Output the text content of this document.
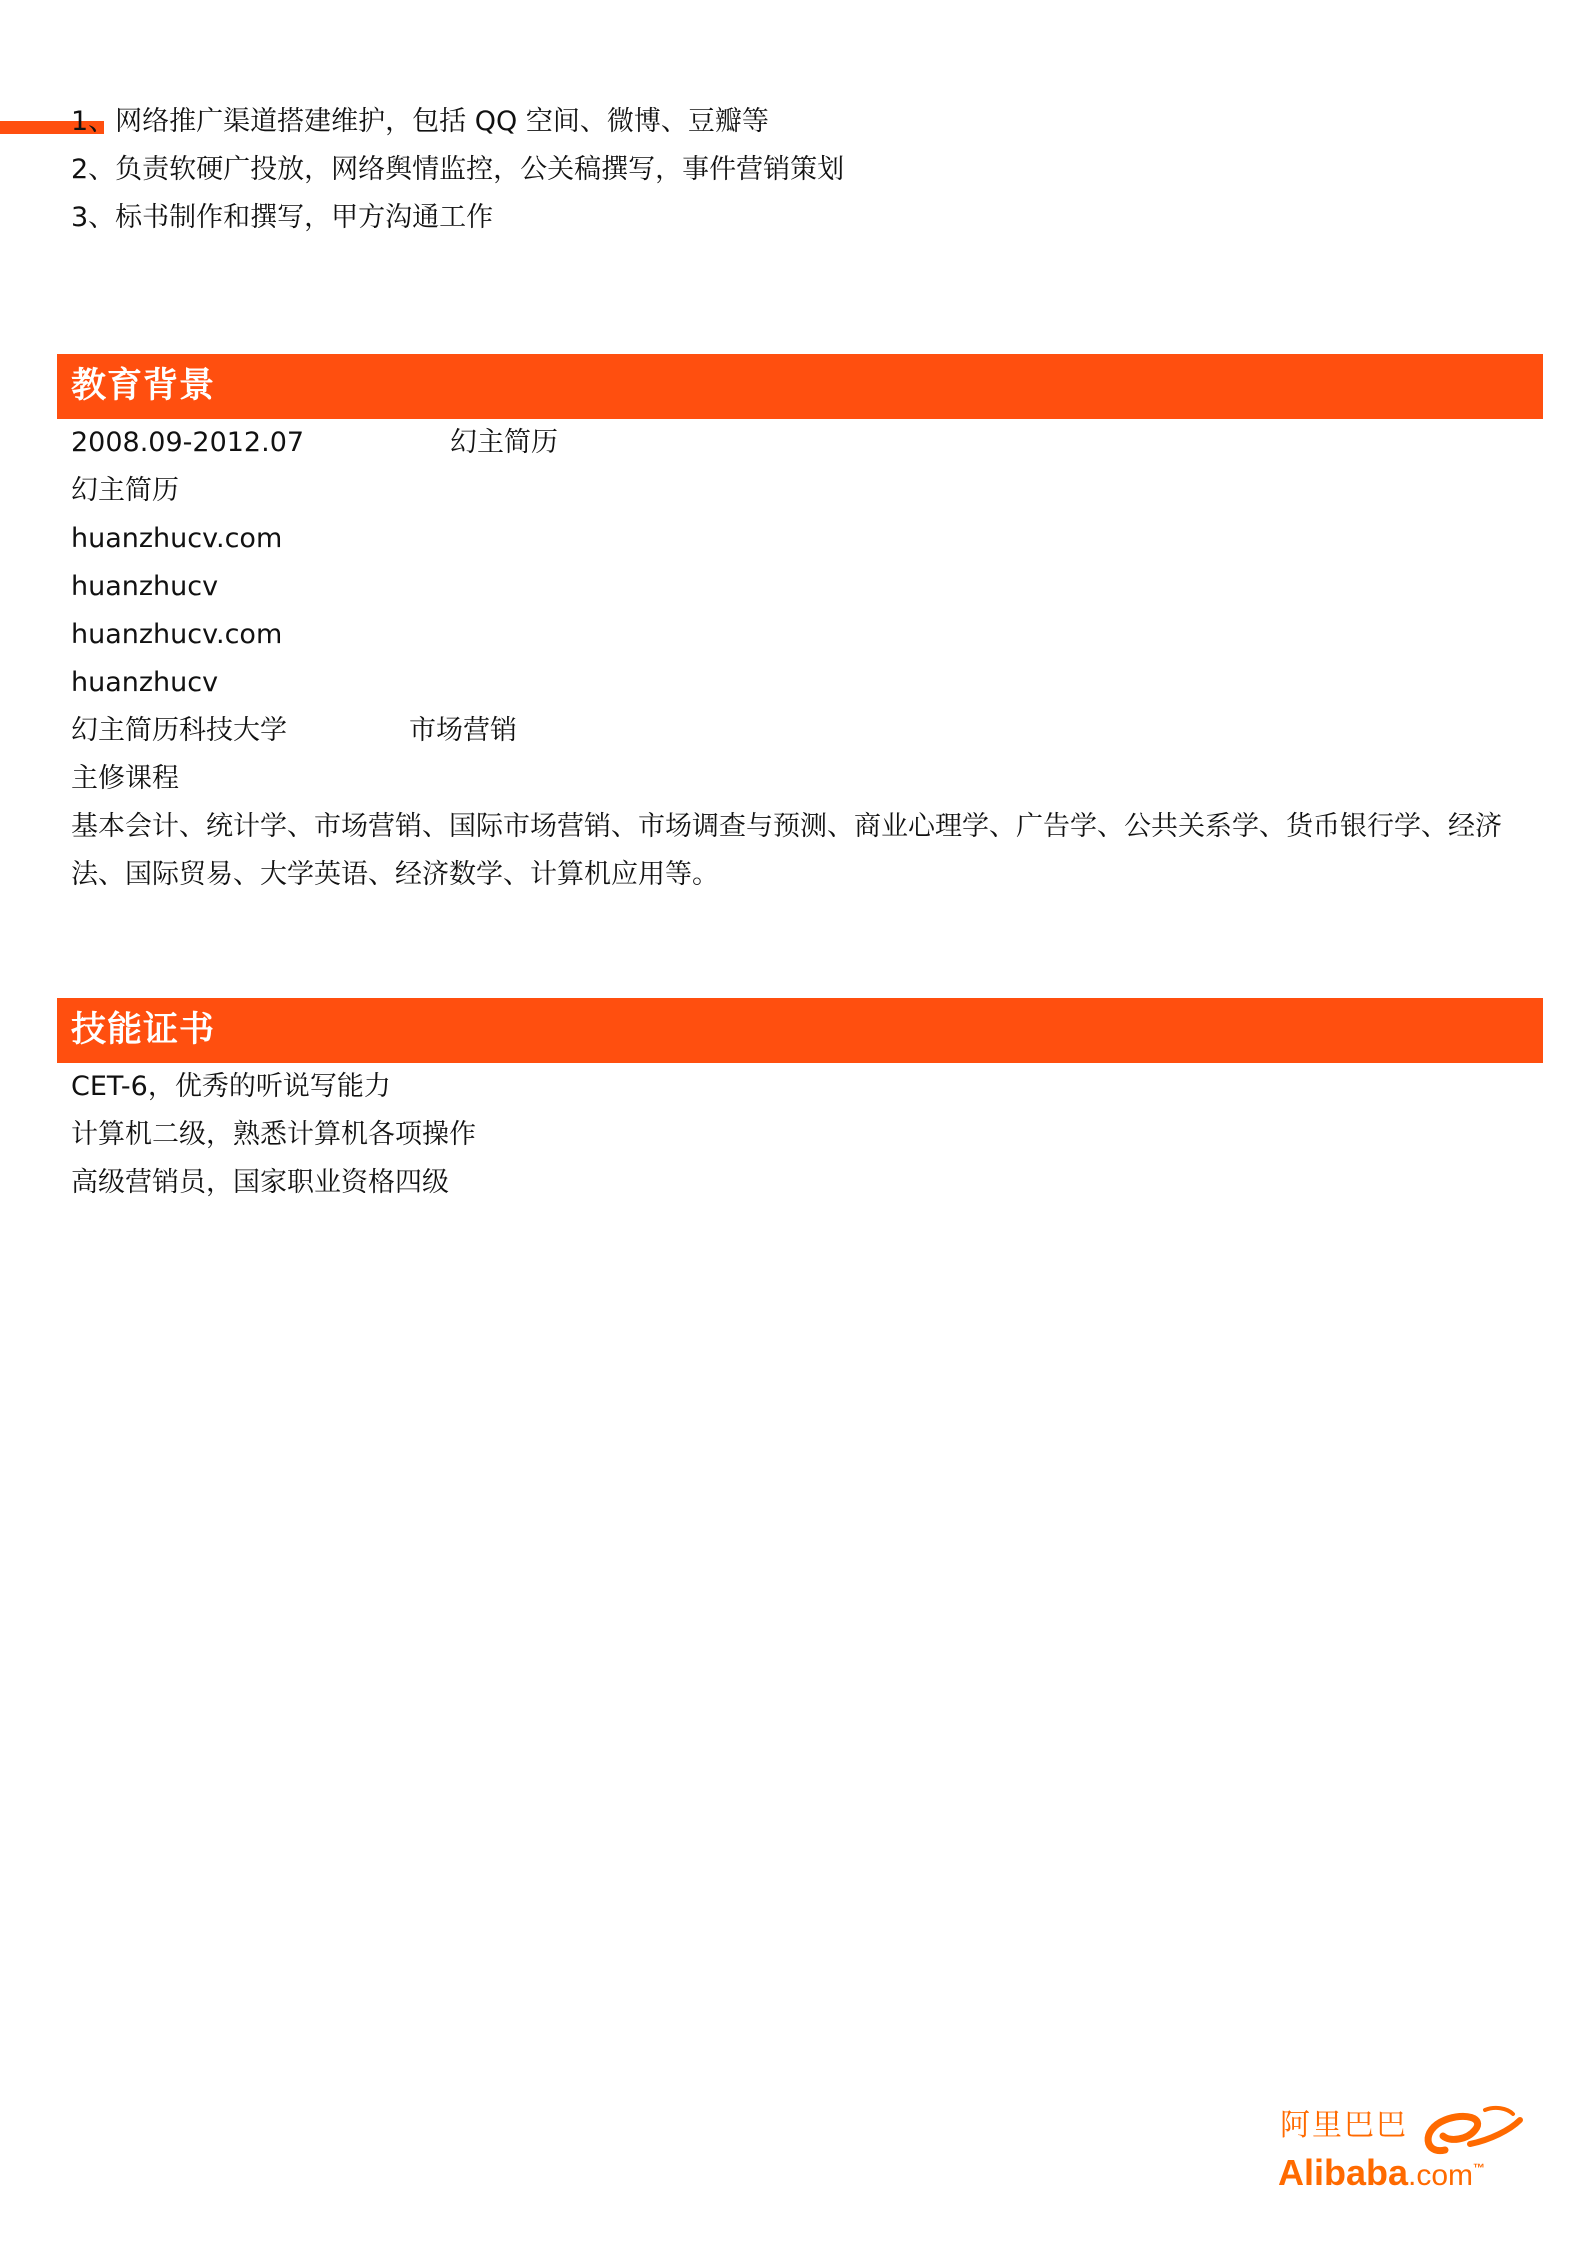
1、网络推广渠道搭建维护，包括 QQ 空间、微博、豆瓣等
2、负责软硬广投放，网络舆情监控，公关稿撰写，事件营销策划
3、标书制作和撰写，甲方沟通工作
教育背景
2008.09-2012.07	幻主简历
幻主简历
huanzhucv.com
huanzhucv
huanzhucv.com
huanzhucv
幻主简历科技大学	市场营销
主修课程
基本会计、统计学、市场营销、国际市场营销、市场调查与预测、商业心理学、广告学、公共关系学、货币银行学、经济法、国际贸易、大学英语、经济数学、计算机应用等。
技能证书
CET-6，优秀的听说写能力
计算机二级，熟悉计算机各项操作
高级营销员，国家职业资格四级
阿里巴巴
Alibaba.com™
